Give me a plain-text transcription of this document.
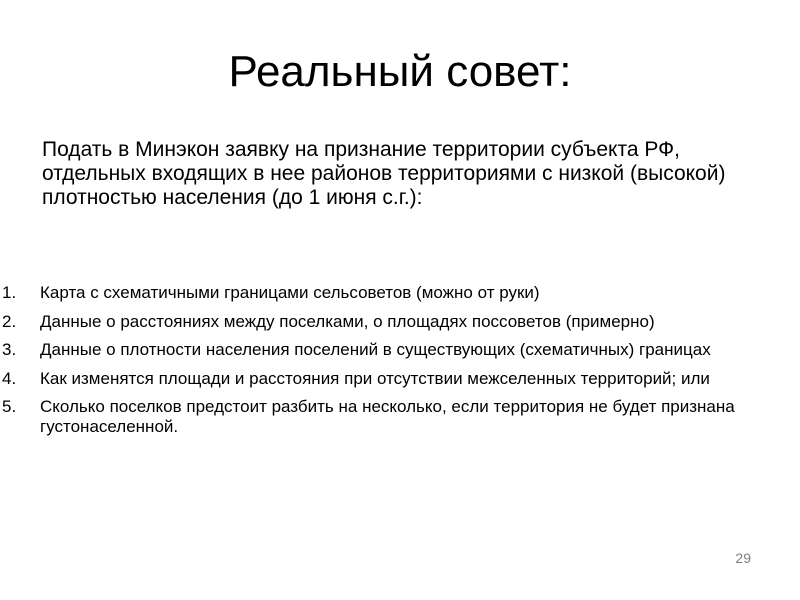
Реальный совет:

Подать в Минэкон заявку на признание территории субъекта РФ, отдельных входящих в нее районов территориями с низкой (высокой) плотностью населения (до 1 июня с.г.):

1. Карта с схематичными границами сельсоветов (можно от руки)
2. Данные о расстояниях между поселками, о площадях поссоветов (примерно)
3. Данные о плотности населения поселений в существующих (схематичных) границах
4. Как изменятся площади и расстояния при отсутствии межселенных территорий; или
5. Сколько поселков предстоит разбить на несколько, если территория не будет признана густонаселенной.
29
